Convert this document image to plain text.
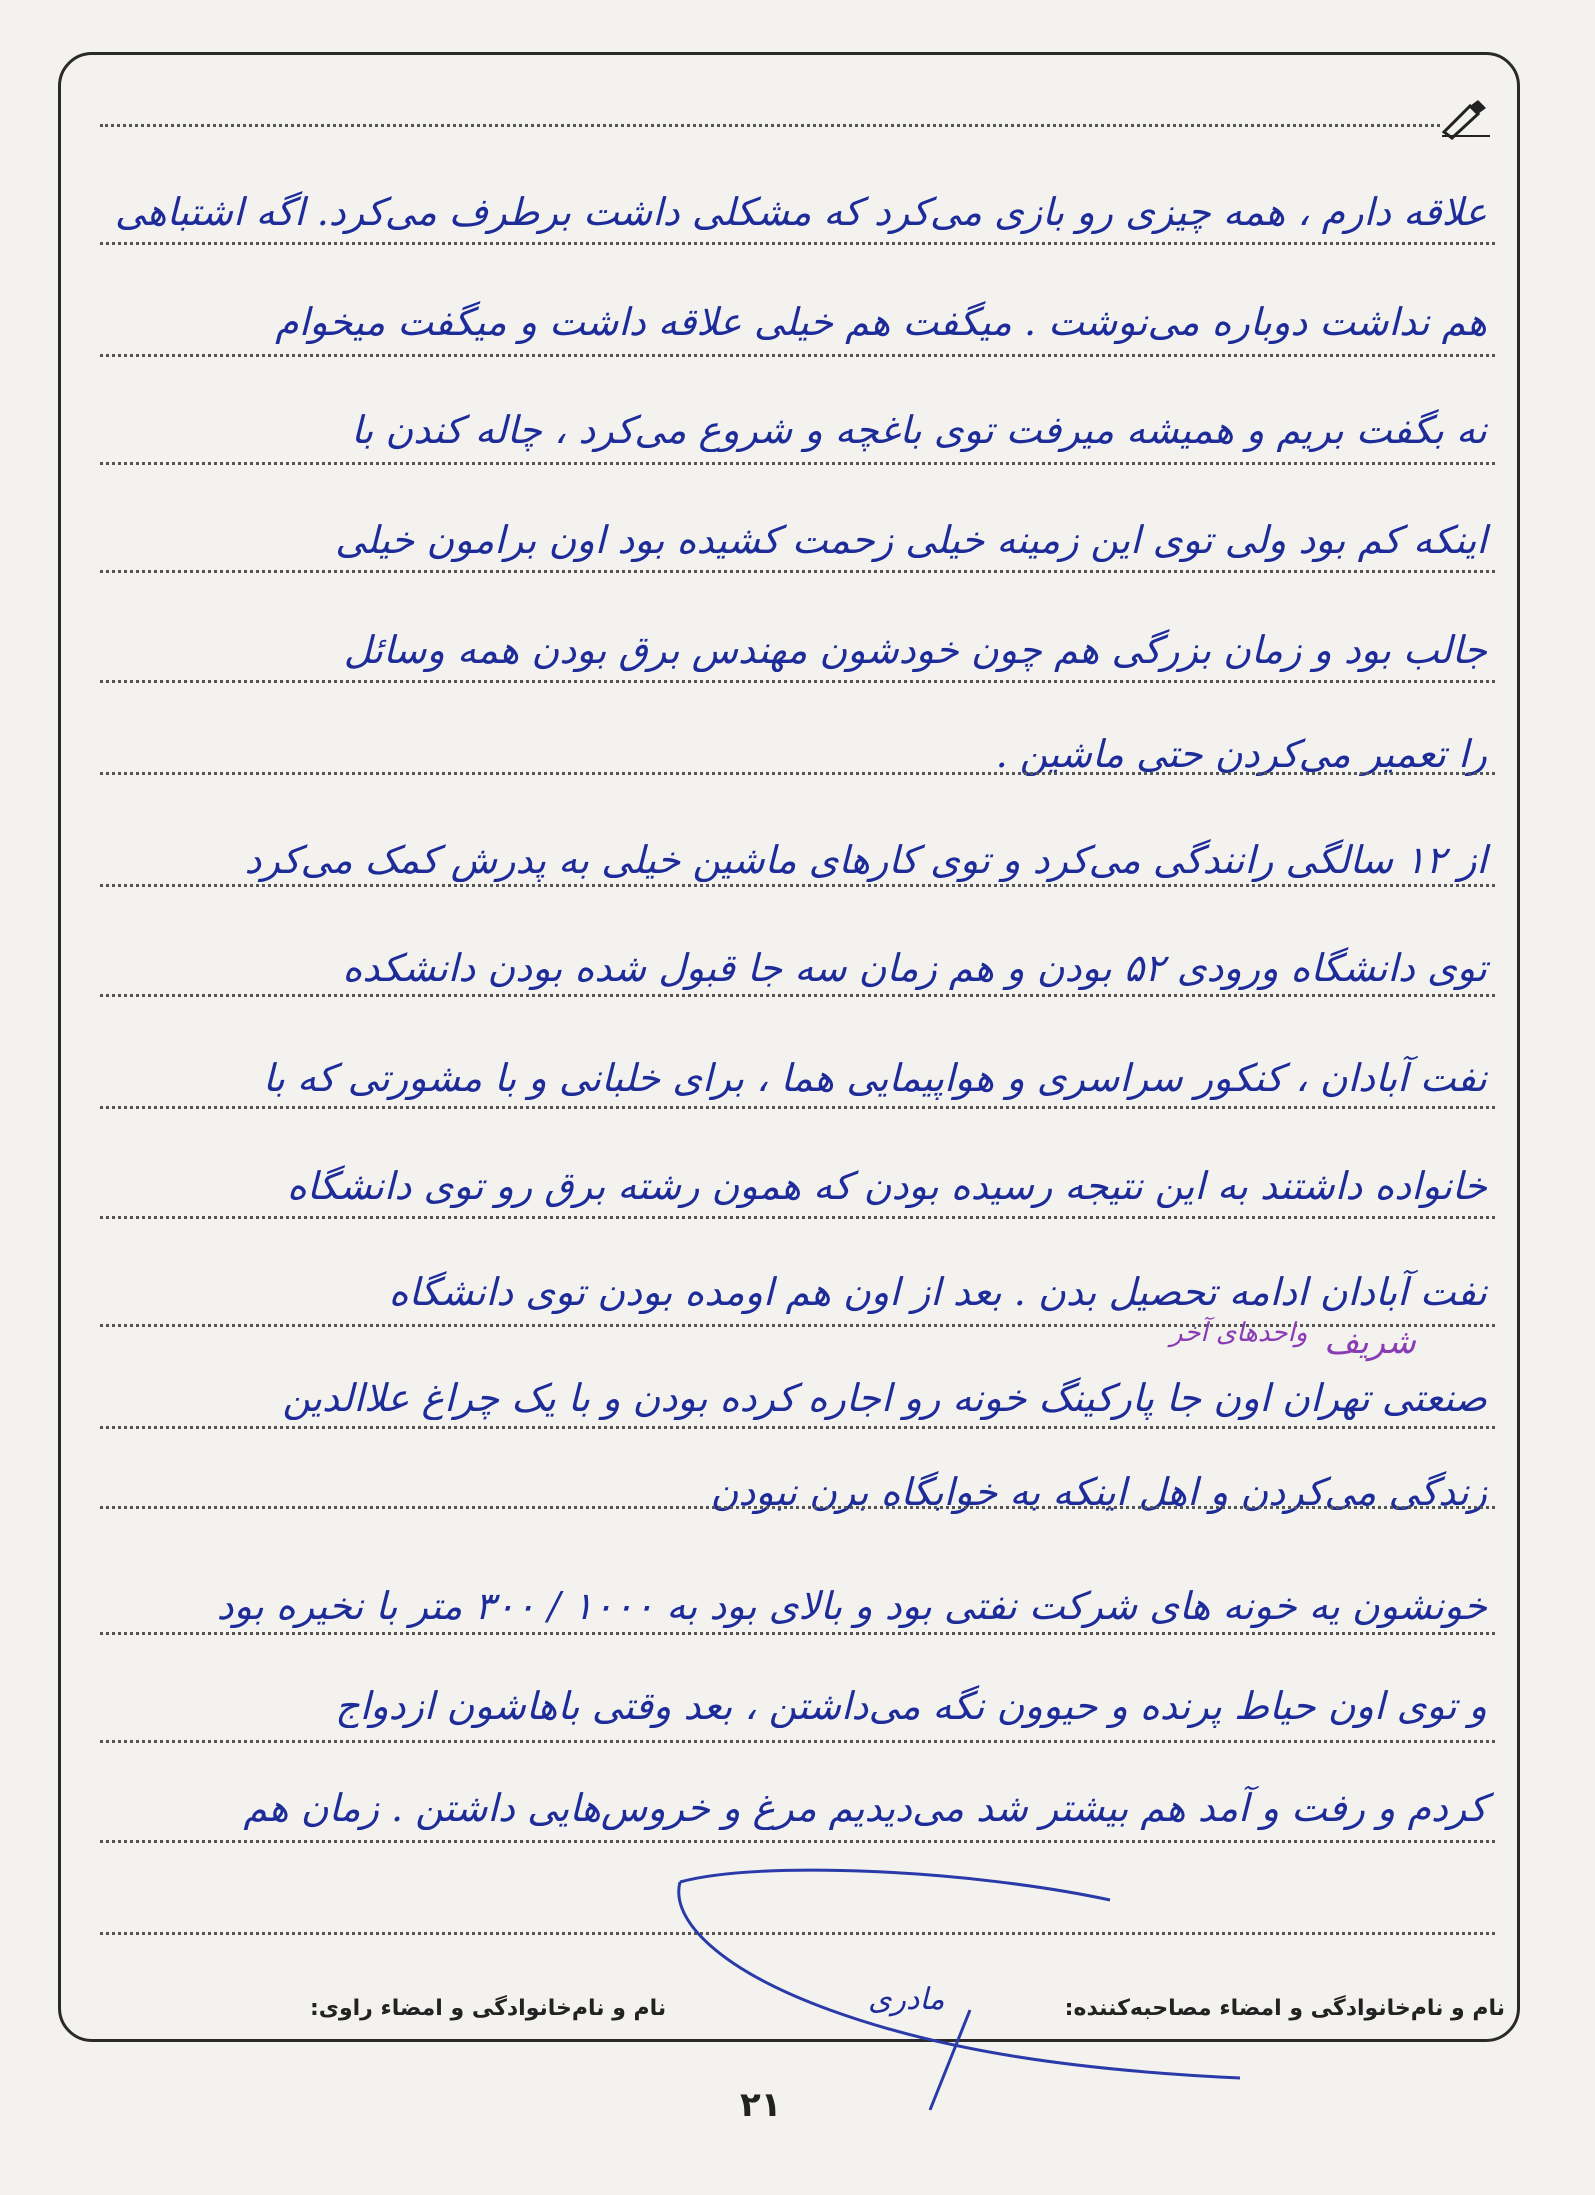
علاقه دارم ، همه چیزی رو بازی می‌کرد که مشکلی داشت برطرف می‌کرد. اگه اشتباهی
هم نداشت دوباره می‌نوشت . میگفت هم خیلی علاقه داشت و میگفت میخوام
نه بگفت بریم و همیشه میرفت توی باغچه و شروع می‌کرد ، چاله کندن با
اینکه کم بود ولی توی این زمینه خیلی زحمت کشیده بود اون برامون خیلی
جالب بود و زمان بزرگی هم چون خودشون مهندس برق بودن همه وسائل
را تعمیر می‌کردن حتی ماشین .
از ۱۲ سالگی رانندگی می‌کرد و توی کارهای ماشین خیلی به پدرش کمک می‌کرد
توی دانشگاه ورودی ۵۲ بودن و هم زمان سه جا قبول شده بودن دانشکده
نفت آبادان ، کنکور سراسری و هواپیمایی هما ، برای خلبانی و با مشورتی که با
خانواده داشتند به این نتیجه رسیده بودن که همون رشته برق رو توی دانشگاه
نفت آبادان ادامه تحصیل بدن . بعد از اون هم اومده بودن توی دانشگاه
شریف
واحدهای آخر
صنعتی تهران اون جا پارکینگ خونه رو اجاره کرده بودن و با یک چراغ علاالدین
زندگی می‌کردن و اهل اینکه به خوابگاه برن نبودن
خونشون یه خونه های شرکت نفتی بود و بالای بود به ۱۰۰۰ / ۳۰۰ متر با نخیره بود
و توی اون حیاط پرنده و حیوون نگه می‌داشتن ، بعد وقتی باهاشون ازدواج
کردم و رفت و آمد هم بیشتر شد می‌دیدیم مرغ و خروس‌هایی داشتن . زمان هم
نام و نام‌خانوادگی و امضاء مصاحبه‌کننده:
مادری
نام و نام‌خانوادگی و امضاء راوی:
۲۱
